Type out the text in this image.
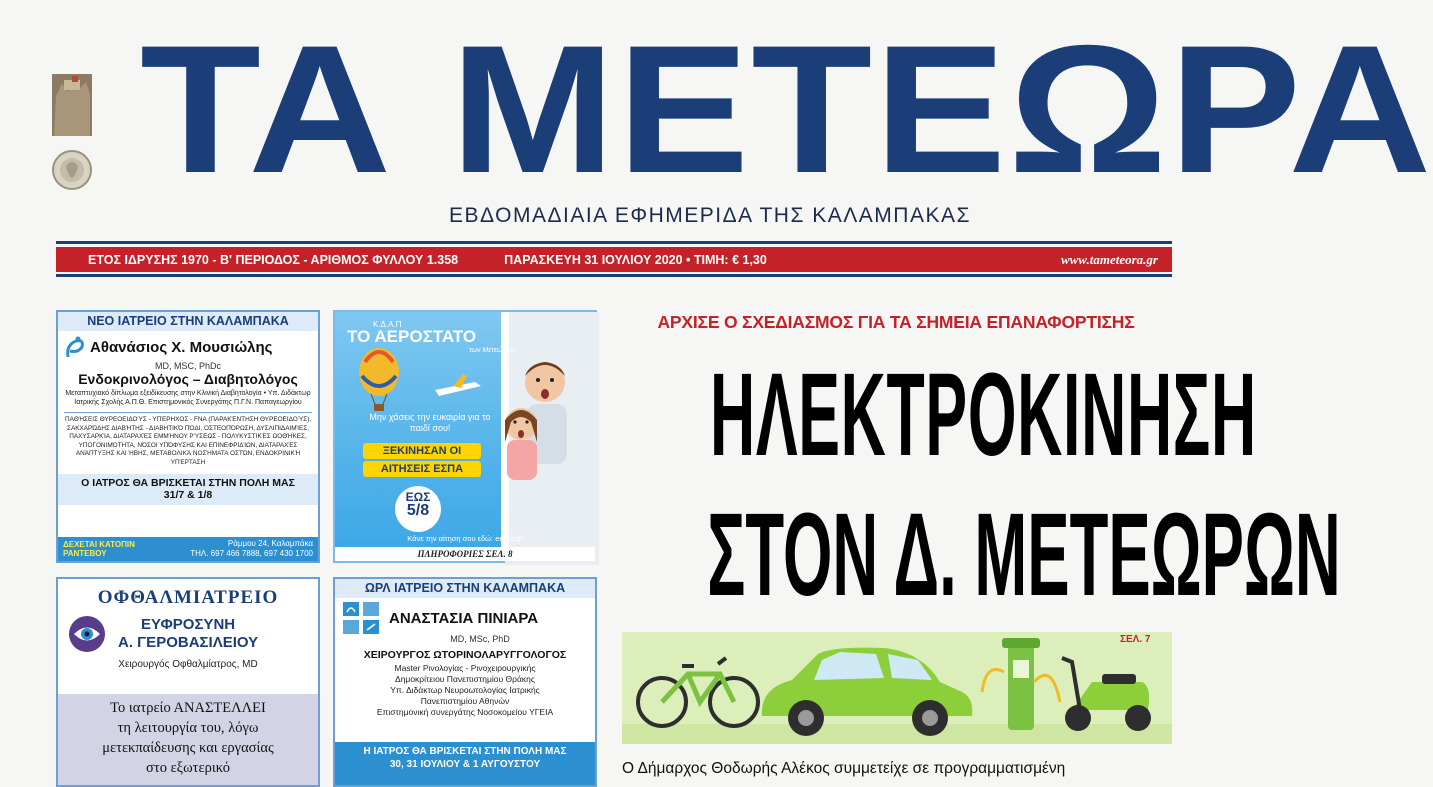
ΤΑ ΜΕΤΕΩΡΑ
ΕΒΔΟΜΑΔΙΑΙΑ ΕΦΗΜΕΡΙΔΑ ΤΗΣ ΚΑΛΑΜΠΑΚΑΣ
ΕΤΟΣ ΙΔΡΥΣΗΣ 1970 - Β' ΠΕΡΙΟΔΟΣ - ΑΡΙΘΜΟΣ ΦΥΛΛΟΥ 1.358	ΠΑΡΑΣΚΕΥΗ 31 ΙΟΥΛΙΟΥ 2020 • ΤΙΜΗ: € 1,30	www.tameteora.gr
ΝΕΟ ΙΑΤΡΕΙΟ ΣΤΗΝ ΚΑΛΑΜΠΑΚΑ
Αθανάσιος Χ. Μουσιώλης
MD, MSC, PhDc
Ενδοκρινολόγος – Διαβητολόγος
Μεταπτυχιακό δίπλωμα εξειδίκευσης στην Κλινική Διαβητολογία • Υπ. Διδάκτωρ Ιατρικής Σχολής Α.Π.Θ. Επιστημονικός Συνεργάτης Π.Γ.Ν. Παπαγεωργίου
ΠΑΘΉΣΕΙΣ ΘΥΡΕΟΕΙΔΟΎΣ - ΥΠΈΡΗΧΟΣ - FNA (ΠΑΡΑΚΈΝΤΗΣΗ ΘΥΡΕΟΕΙΔΟΎΣ), ΣΑΚΧΑΡΏΔΗΣ ΔΙΑΒΉΤΗΣ - ΔΙΑΒΗΤΙΚΌ ΠΌΔΙ, ΟΣΤΕΟΠΌΡΩΣΗ, ΔΥΣΛΙΠΙΔΑΙΜΊΕΣ, ΠΑΧΥΣΑΡΚΊΑ, ΔΙΑΤΑΡΑΧΈΣ ΕΜΜΉΝΟΥ ΡΎΣΕΩΣ - ΠΟΛΥΚΥΣΤΙΚΈΣ ΩΟΘΉΚΕΣ, ΥΠΟΓΟΝΙΜΌΤΗΤΑ, ΝΌΣΟΙ ΥΠΌΦΥΣΗΣ ΚΑΙ ΕΠΙΝΕΦΡΙΔΊΩΝ, ΔΙΑΤΑΡΑΧΈΣ ΑΝΆΠΤΥΞΗΣ ΚΑΙ ΉΒΗΣ, ΜΕΤΑΒΟΛΙΚΆ ΝΟΣΉΜΑΤΑ ΟΣΤΏΝ, ΕΝΔΟΚΡΙΝΙΚΉ ΥΠΈΡΤΑΣΗ
Ο ΙΑΤΡΟΣ ΘΑ ΒΡΙΣΚΕΤΑΙ ΣΤΗΝ ΠΟΛΗ ΜΑΣ
31/7 & 1/8
ΔΕΧΕΤΑΙ ΚΑΤΟΠΙΝ
ΡΑΝΤΕΒΟΥ
Ράμμου 24, Καλαμπάκα
ΤΗΛ. 697 466 7888, 697 430 1700
Κ.Δ.Α.Π
ΤΟ ΑΕΡΟΣΤΑΤΟ
των Μετεώρων
Μην χάσεις την ευκαιρία για το παιδί σου!
ΞΕΚΙΝΗΣΑΝ ΟΙ
ΑΙΤΗΣΕΙΣ ΕΣΠΑ
ΕΩΣ
5/8
Κάνε την αίτηση σου εδώ: eetaa.gr
ΠΛΗΡΟΦΟΡΙΕΣ ΣΕΛ. 8
ΟΦΘΑΛΜΙΑΤΡΕΙΟ
ΕΥΦΡΟΣΥΝΗ
Α. ΓΕΡΟΒΑΣΙΛΕΙΟΥ
Χειρουργός Οφθαλμίατρος, MD
Το ιατρείο ΑΝΑΣΤΕΛΛΕΙ
τη λειτουργία του, λόγω
μετεκπαίδευσης και εργασίας
στο εξωτερικό
ΩΡΛ ΙΑΤΡΕΙΟ ΣΤΗΝ ΚΑΛΑΜΠΑΚΑ
ΑΝΑΣΤΑΣΙΑ ΠΙΝΙΑΡΑ
MD, MSc, PhD
ΧΕΙΡΟΥΡΓΟΣ ΩΤΟΡΙΝΟΛΑΡΥΓΓΟΛΟΓΟΣ
Master Ρινολογίας - Ρινοχειρουργικής
Δημοκρίτειου Πανεπιστημίου Θράκης
Υπ. Διδάκτωρ Νευροωτολογίας Ιατρικής
Πανεπιστημίου Αθηνών
Επιστημονική συνεργάτης Νοσοκομείου ΥΓΕΙΑ
Η ΙΑΤΡΟΣ ΘΑ ΒΡΙΣΚΕΤΑΙ ΣΤΗΝ ΠΟΛΗ ΜΑΣ
30, 31 ΙΟΥΛΙΟΥ & 1 ΑΥΓΟΥΣΤΟΥ
ΑΡΧΙΣΕ Ο ΣΧΕΔΙΑΣΜΟΣ ΓΙΑ ΤΑ ΣΗΜΕΙΑ ΕΠΑΝΑΦΟΡΤΙΣΗΣ
ΗΛΕΚΤΡΟΚΙΝΗΣΗ
ΣΤΟΝ Δ. ΜΕΤΕΩΡΩΝ
ΣΕΛ. 7
Ο Δήμαρχος Θοδωρής Αλέκος συμμετείχε σε προγραμματισμένη
